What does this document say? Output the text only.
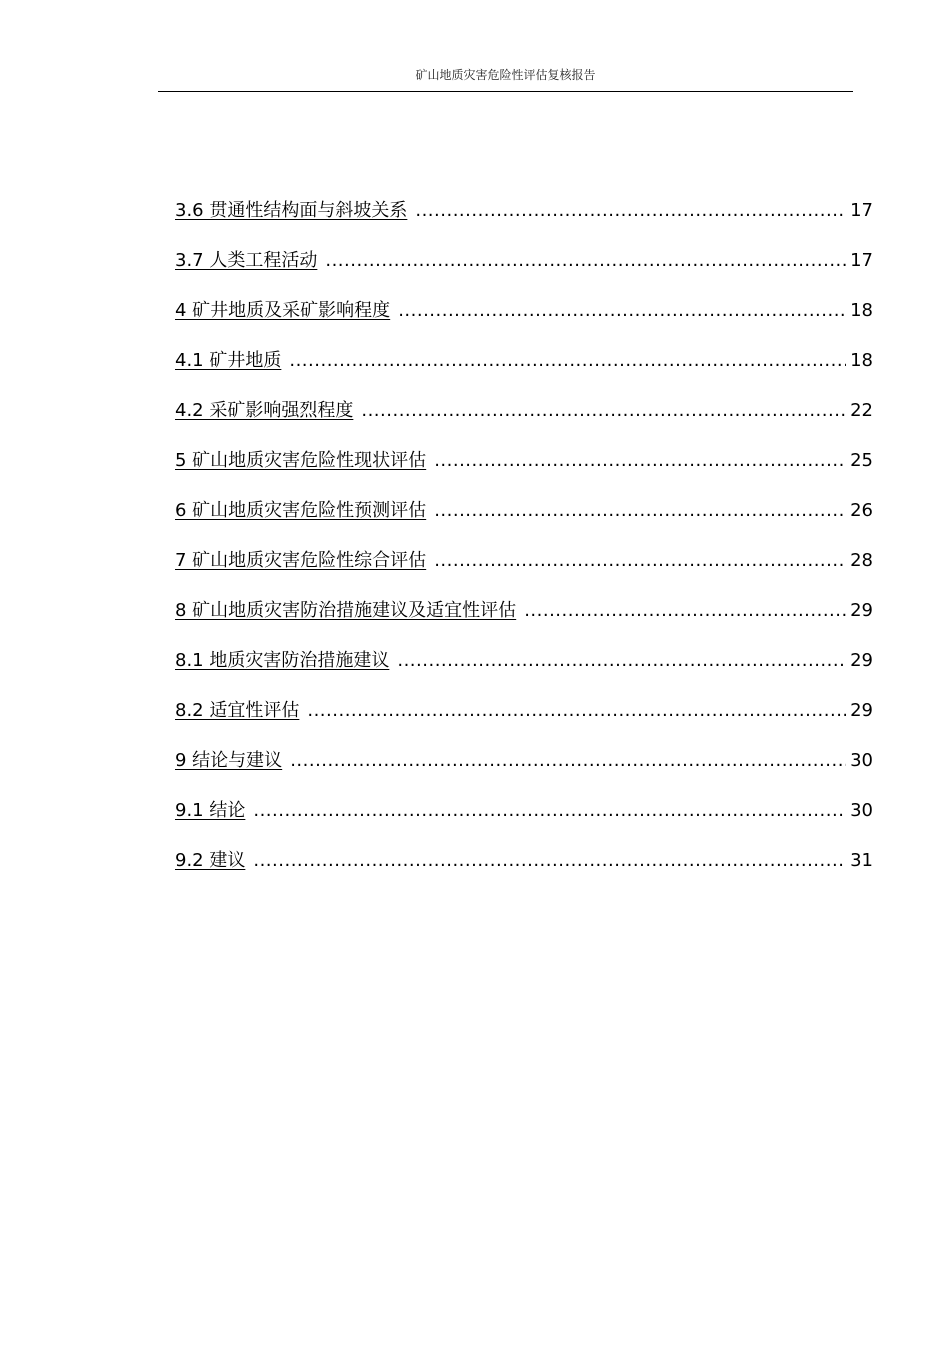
矿山地质灾害危险性评估复核报告
3.6 贯通性结构面与斜坡关系 .....	17
3.7 人类工程活动 .....	17
4 矿井地质及采矿影响程度 .....	18
4.1 矿井地质 .....	18
4.2 采矿影响强烈程度 .....	22
5 矿山地质灾害危险性现状评估 .....	25
6 矿山地质灾害危险性预测评估 .....	26
7 矿山地质灾害危险性综合评估 .....	28
8 矿山地质灾害防治措施建议及适宜性评估 .....	29
8.1 地质灾害防治措施建议 .....	29
8.2 适宜性评估 .....	29
9 结论与建议 .....	30
9.1 结论 .....	30
9.2 建议 .....	31
